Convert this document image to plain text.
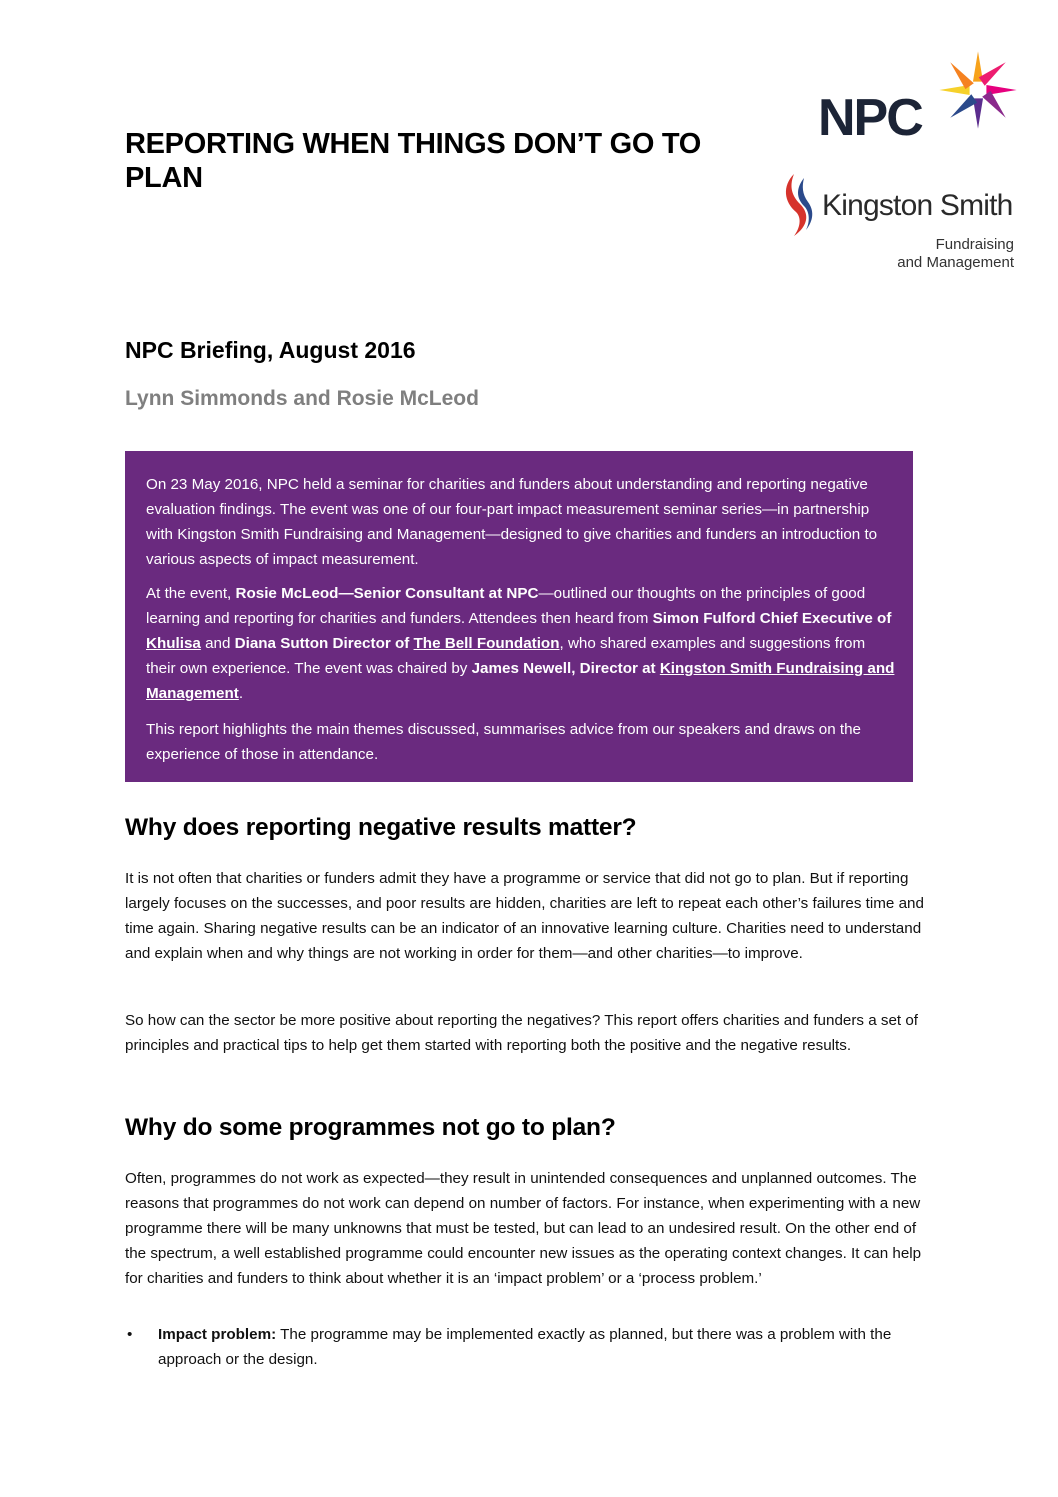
REPORTING WHEN THINGS DON’T GO TO PLAN
NPC
Kingston Smith
Fundraising
and Management
NPC Briefing, August 2016
Lynn Simmonds and Rosie McLeod

On 23 May 2016, NPC held a seminar for charities and funders about understanding and reporting negative evaluation findings. The event was one of our four-part impact measurement seminar series—in partnership with Kingston Smith Fundraising and Management—designed to give charities and funders an introduction to various aspects of impact measurement.

At the event, Rosie McLeod—Senior Consultant at NPC—outlined our thoughts on the principles of good learning and reporting for charities and funders. Attendees then heard from Simon Fulford Chief Executive of Khulisa and Diana Sutton Director of The Bell Foundation, who shared examples and suggestions from their own experience. The event was chaired by James Newell, Director at Kingston Smith Fundraising and Management.

This report highlights the main themes discussed, summarises advice from our speakers and draws on the experience of those in attendance.

Why does reporting negative results matter?

It is not often that charities or funders admit they have a programme or service that did not go to plan. But if reporting largely focuses on the successes, and poor results are hidden, charities are left to repeat each other’s failures time and time again. Sharing negative results can be an indicator of an innovative learning culture. Charities need to understand and explain when and why things are not working in order for them—and other charities—to improve.

So how can the sector be more positive about reporting the negatives? This report offers charities and funders a set of principles and practical tips to help get them started with reporting both the positive and the negative results.

Why do some programmes not go to plan?

Often, programmes do not work as expected—they result in unintended consequences and unplanned outcomes. The reasons that programmes do not work can depend on number of factors. For instance, when experimenting with a new programme there will be many unknowns that must be tested, but can lead to an undesired result. On the other end of the spectrum, a well established programme could encounter new issues as the operating context changes. It can help for charities and funders to think about whether it is an ‘impact problem’ or a ‘process problem.’

• Impact problem: The programme may be implemented exactly as planned, but there was a problem with the approach or the design.
